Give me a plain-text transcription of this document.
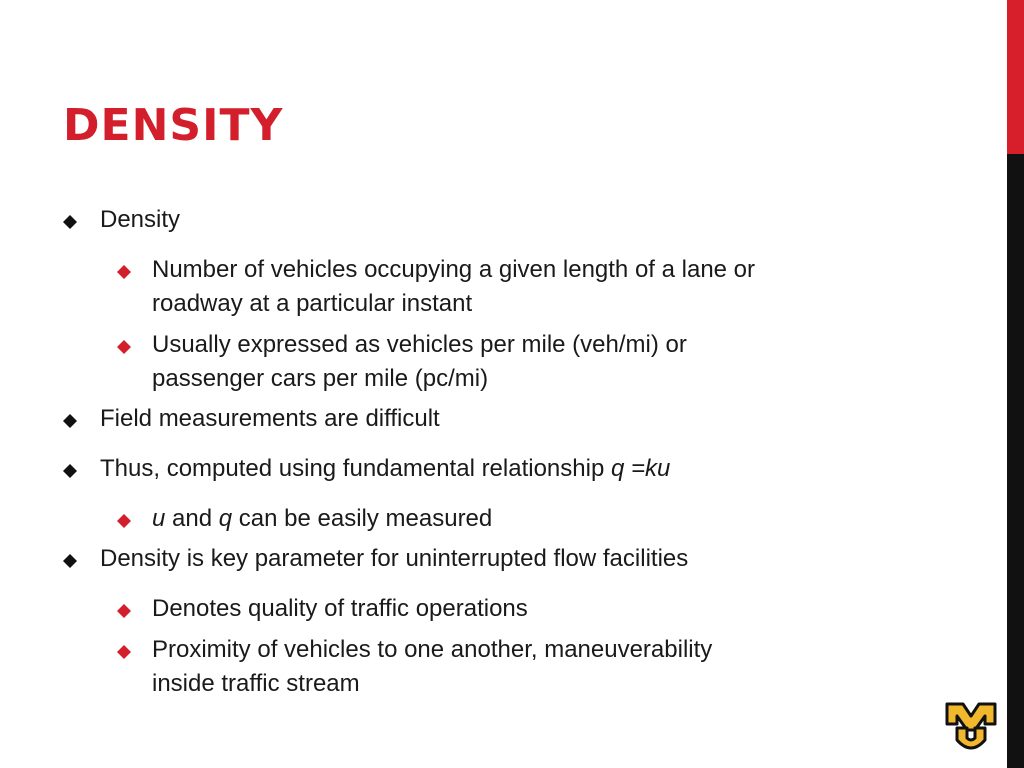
DENSITY
Density
Number of vehicles occupying a given length of a lane or
roadway at a particular instant
Usually expressed as vehicles per mile (veh/mi) or
passenger cars per mile (pc/mi)
Field measurements are difficult
Thus, computed using fundamental relationship q =ku
u and q can be easily measured
Density is key parameter for uninterrupted flow facilities
Denotes quality of traffic operations
Proximity of vehicles to one another, maneuverability
inside traffic stream
